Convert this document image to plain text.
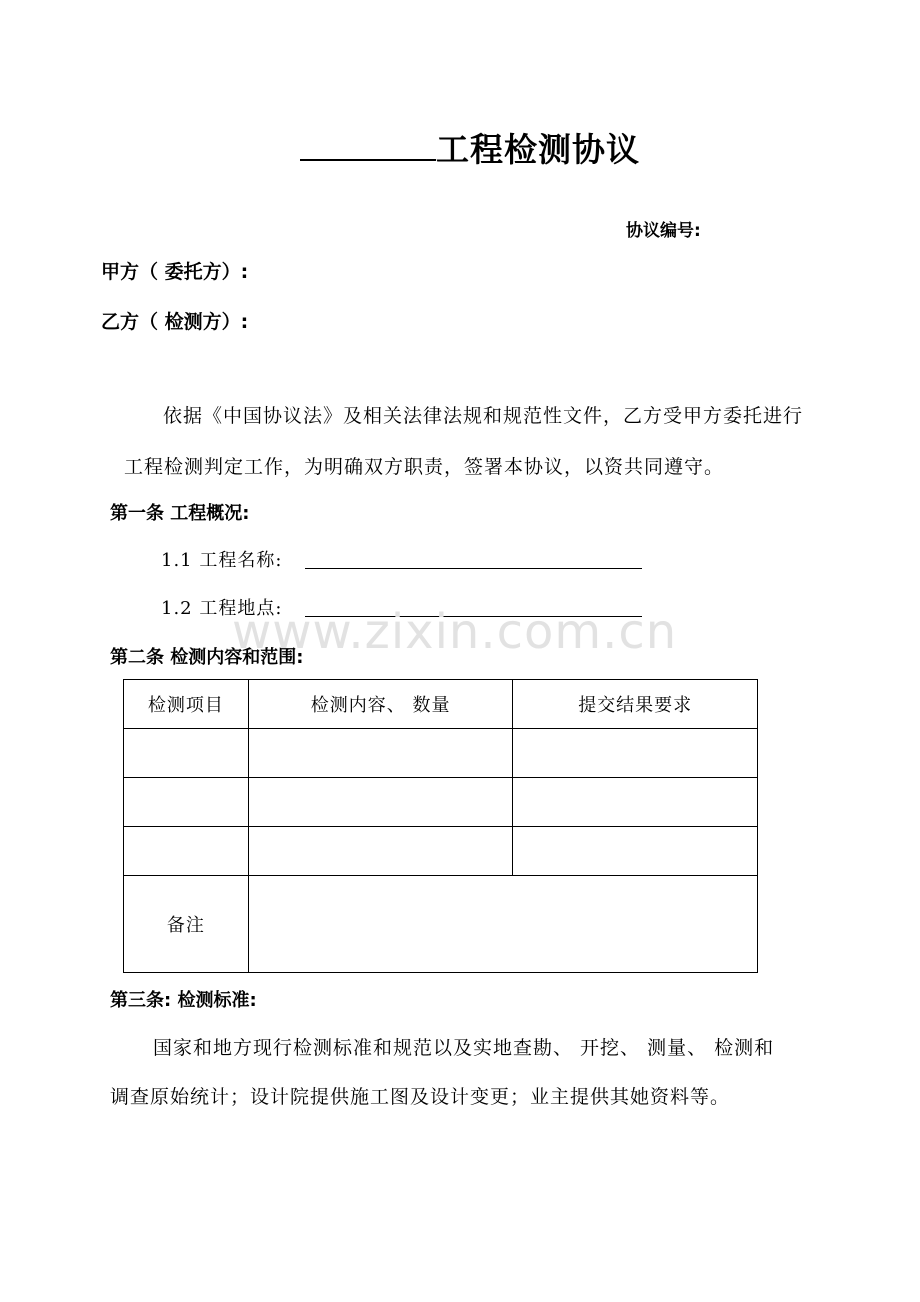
工程检测协议
协议编号:
甲方（ 委托方）:
乙方（ 检测方）:
依据《中国协议法》及相关法律法规和规范性文件，乙方受甲方委托进行
工程检测判定工作，为明确双方职责，签署本协议，以资共同遵守。
第一条 工程概况:
1.1 工程名称:
1.2 工程地点:
www.zixin.com.cn
第二条 检测内容和范围:
检测项目	检测内容、 数量	提交结果要求

备注		
第三条: 检测标准:
国家和地方现行检测标准和规范以及实地查勘、 开挖、 测量、 检测和
调查原始统计；设计院提供施工图及设计变更；业主提供其她资料等。
